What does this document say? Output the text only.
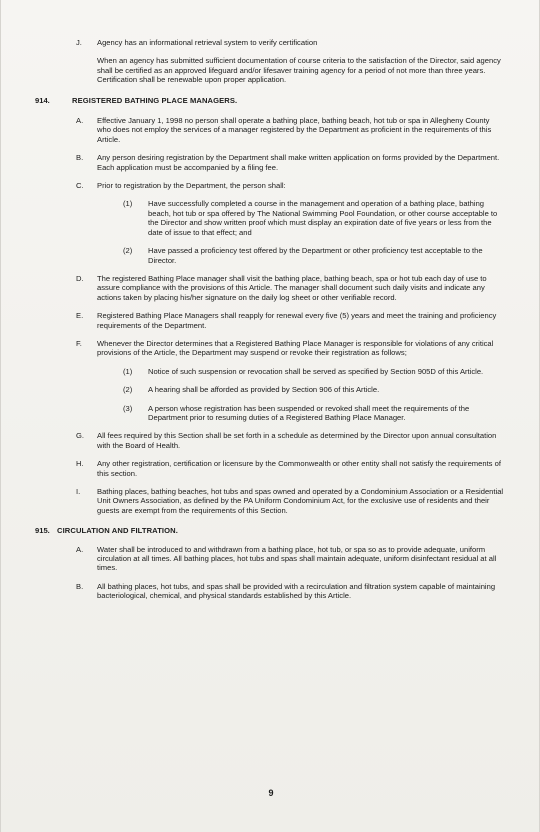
J. Agency has an informational retrieval system to verify certification
When an agency has submitted sufficient documentation of course criteria to the satisfaction of the Director, said agency shall be certified as an approved lifeguard and/or lifesaver training agency for a period of not more than three years. Certification shall be renewable upon proper application.
914.	REGISTERED BATHING PLACE MANAGERS.
A. Effective January 1, 1998 no person shall operate a bathing place, bathing beach, hot tub or spa in Allegheny County who does not employ the services of a manager registered by the Department as proficient in the requirements of this Article.
B. Any person desiring registration by the Department shall make written application on forms provided by the Department. Each application must be accompanied by a filing fee.
C. Prior to registration by the Department, the person shall:
(1) Have successfully completed a course in the management and operation of a bathing place, bathing beach, hot tub or spa offered by The National Swimming Pool Foundation, or other course acceptable to the Director and show written proof which must display an expiration date of five years or less from the date of issue to that effect; and
(2) Have passed a proficiency test offered by the Department or other proficiency test acceptable to the Director.
D. The registered Bathing Place manager shall visit the bathing place, bathing beach, spa or hot tub each day of use to assure compliance with the provisions of this Article. The manager shall document such daily visits and indicate any actions taken by placing his/her signature on the daily log sheet or other verifiable record.
E. Registered Bathing Place Managers shall reapply for renewal every five (5) years and meet the training and proficiency requirements of the Department.
F. Whenever the Director determines that a Registered Bathing Place Manager is responsible for violations of any critical provisions of the Article, the Department may suspend or revoke their registration as follows;
(1) Notice of such suspension or revocation shall be served as specified by Section 905D of this Article.
(2) A hearing shall be afforded as provided by Section 906 of this Article.
(3) A person whose registration has been suspended or revoked shall meet the requirements of the Department prior to resuming duties of a Registered Bathing Place Manager.
G. All fees required by this Section shall be set forth in a schedule as determined by the Director upon annual consultation with the Board of Health.
H. Any other registration, certification or licensure by the Commonwealth or other entity shall not satisfy the requirements of this section.
I. Bathing places, bathing beaches, hot tubs and spas owned and operated by a Condominium Association or a Residential Unit Owners Association, as defined by the PA Uniform Condominium Act, for the exclusive use of residents and their guests are exempt from the requirements of this Section.
915. CIRCULATION AND FILTRATION.
A. Water shall be introduced to and withdrawn from a bathing place, hot tub, or spa so as to provide adequate, uniform circulation at all times. All bathing places, hot tubs and spas shall maintain adequate, uniform disinfectant residual at all times.
B. All bathing places, hot tubs, and spas shall be provided with a recirculation and filtration system capable of maintaining bacteriological, chemical, and physical standards established by this Article.
9
